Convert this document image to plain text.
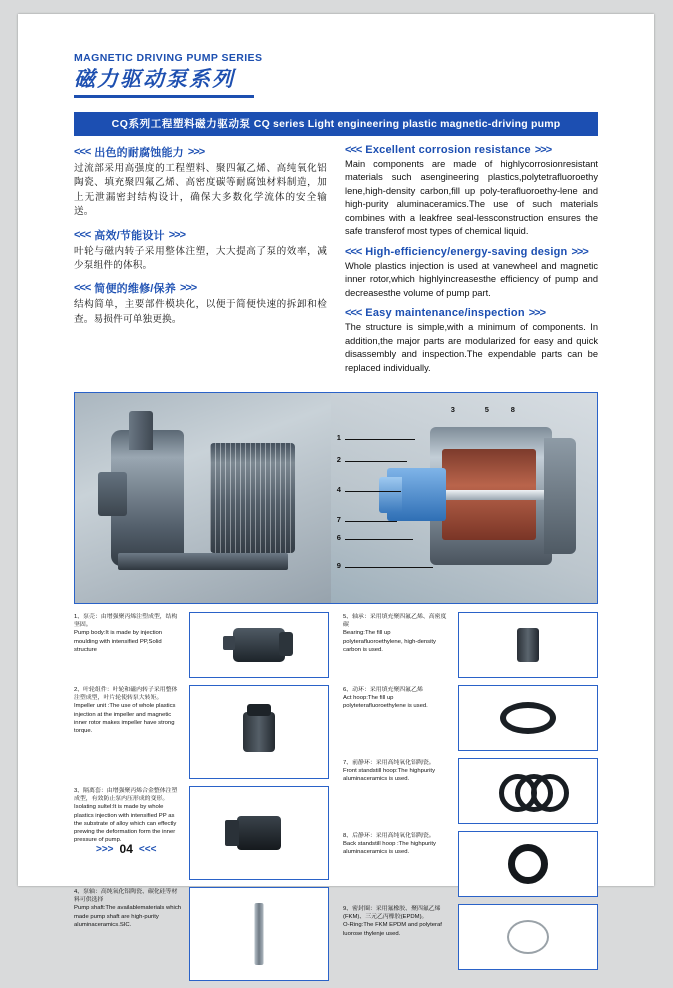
MAGNETIC DRIVING PUMP SERIES
磁力驱动泵系列
CQ系列工程塑料磁力驱动泵 CQ series Light engineering plastic magnetic-driving pump
<<< 出色的耐腐蚀能力 >>>
过流部采用高强度的工程塑料、聚四氟乙烯、高纯氧化铝陶瓷、填充聚四氟乙烯、高密度碳等耐腐蚀材料制造，加上无泄漏密封结构设计，确保大多数化学流体的安全输送。
<<< 高效/节能设计 >>>
叶轮与磁内转子采用整体注塑，大大提高了泵的效率，减少泵组件的体积。
<<< 简便的维修/保养 >>>
结构简单，主要部件模块化，以便于简便快速的拆卸和检查。易损件可单独更换。
<<< Excellent corrosion resistance >>>
Main components are made of highlycorrosionresistant materials such asengineering plastics,polytetrafluoroethy lene,high-density carbon,fill up poly-terafluoroethy-lene and high-purity aluminaceramics.The use of such materials combines with a leakfree seal-lessconstruction ensures the safe transferof most types of chemical liquid.
<<< High-efficiency/energy-saving design >>>
Whole plastics injection is used at vanewheel and magnetic inner rotor,which highlyincreasesthe efficiency of pump and decreasesthe volume of pump part.
<<< Easy maintenance/inspection >>>
The structure is simple,with a minimum of components. In addition,the major parts are modularized for easy and quick disassembly and inspection.The expendable parts can be replaced individually.
1
2
4
7
6
9
3	5	8
1、泵壳：由增强聚丙烯注塑成型，结构坚固。
Pump body:It is made by injection moulding with intensified PP,Solid structure
2、叶轮组件：叶轮和磁内转子采用整体注塑成型，叶片轮使转泵大转矩。
Impeller unit :The use of whole plastics injection at the impeller and magnetic inner rotor makes impeller have strong torque.
3、隔离套：由增强聚丙烯合金整体注塑成型，有效防止泵内压形成的变形。
Isolating sultel:It is made by whole plastics injection with intensified PP as the substrate of alloy which can effectly prewing the deformation form the inner pressure of pump.
4、泵轴：高纯氧化铝陶瓷、碳化硅等材料可供选择
Pump shaft:The availablematerials which made pump shaft are high-purity aluminaceramics.SIC.
5、轴承：采用填充聚四氟乙烯、高密度碳
Bearing:The fill up polyterafluoroethylene, high-density carbon is used.
6、动环：采用填充聚四氟乙烯
Act hoop:The fill up polyteterafluoroethylene is used.
7、前静环：采用高纯氧化铝陶瓷。
Front standstill hoop:The highpurity aluminaceramics is used.
8、后静环：采用高纯氧化铝陶瓷。
Back standstill hoop :The highpurity aluminaceramics is used.
9、密封圈：采用氟橡胶、聚四氟乙烯(FKM)、三元乙丙橡胶(EPDM)。
O-Ring:The FKM EPDM and polyteraf luorose thylenje used.
>>> 04 <<<
